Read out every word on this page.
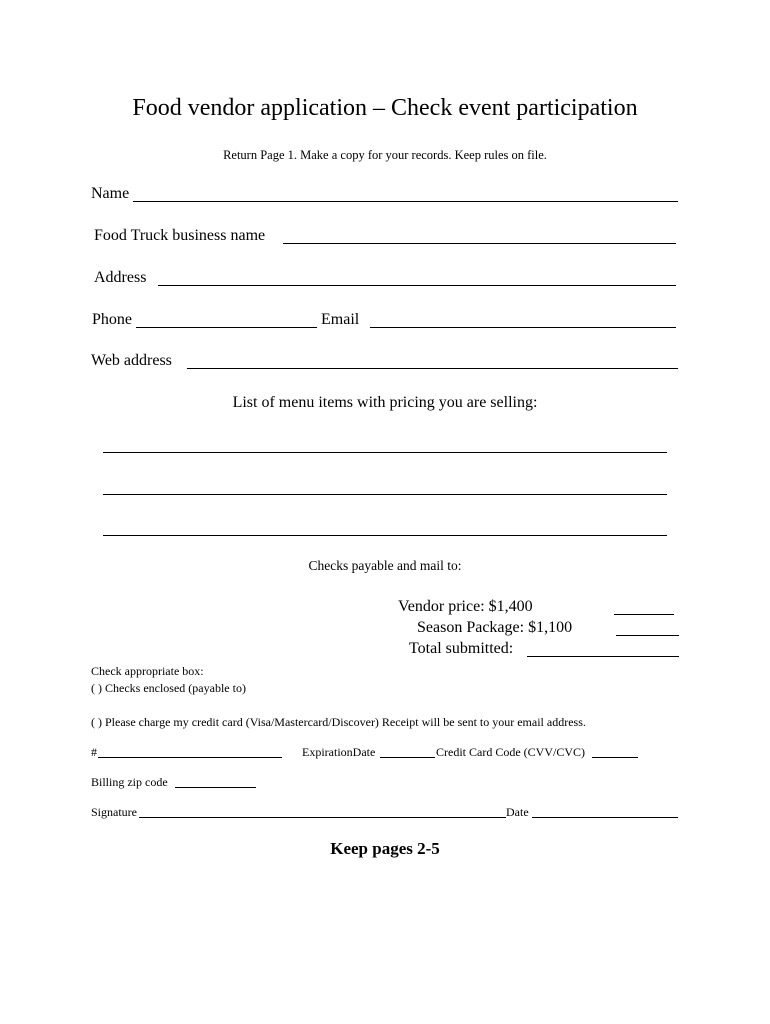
Food vendor application – Check event participation
Return Page 1. Make a copy for your records. Keep rules on file.
Name
Food Truck business name
Address
Phone	Email
Web address
List of menu items with pricing you are selling:
Checks payable and mail to:
Vendor price: $1,400
Season Package: $1,100
Total submitted:
Check appropriate box:
( ) Checks enclosed (payable to)
( ) Please charge my credit card (Visa/Mastercard/Discover) Receipt will be sent to your email address.
#	ExpirationDate	Credit Card Code (CVV/CVC)
Billing zip code
Signature	Date
Keep pages 2-5
